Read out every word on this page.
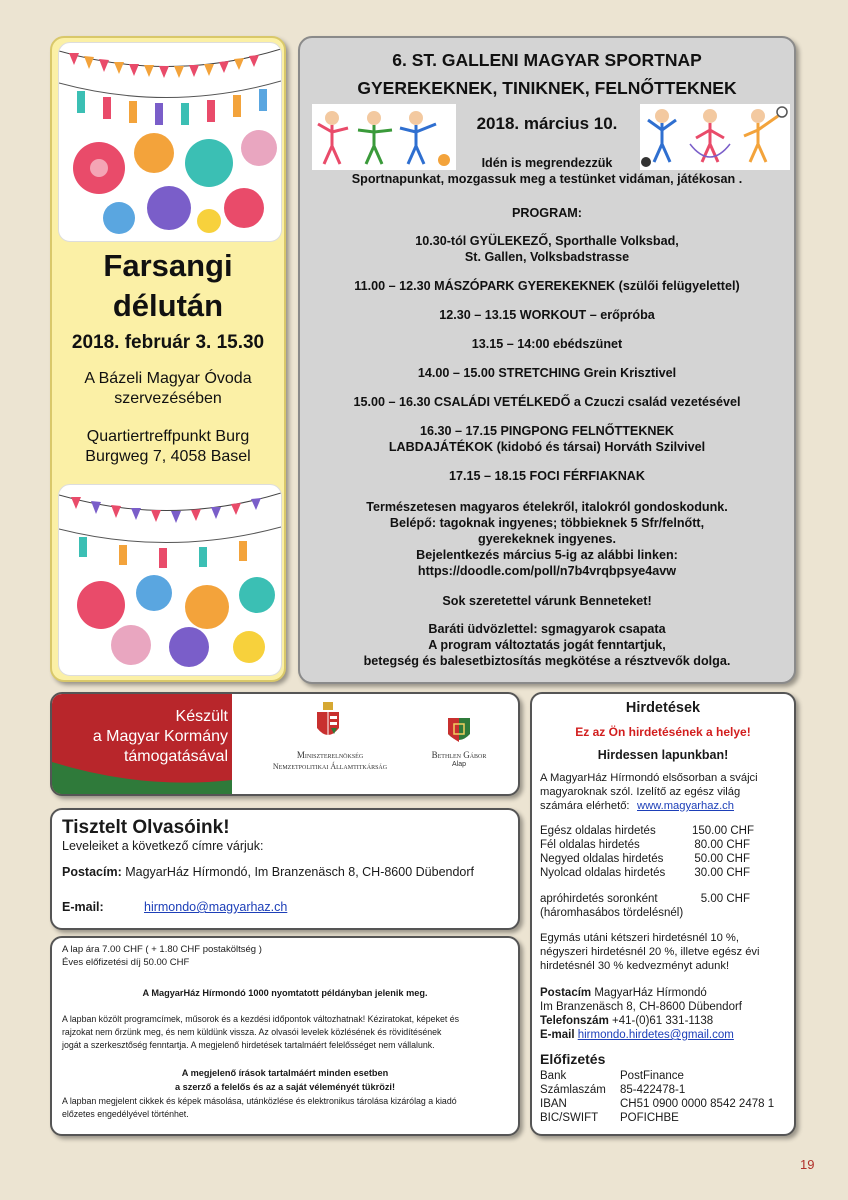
Farsangi
délután
2018. február 3. 15.30
A Bázeli Magyar Óvoda
szervezésében
Quartiertreffpunkt Burg
Burgweg 7, 4058 Basel
6. ST. GALLENI MAGYAR SPORTNAP
GYEREKEKNEK, TINIKNEK, FELNŐTTEKNEK
2018. március 10.
Idén is megrendezzük
Sportnapunkat, mozgassuk meg a testünket vidáman, játékosan .
PROGRAM:
10.30-tól GYÜLEKEZŐ, Sporthalle Volksbad,
St. Gallen, Volksbadstrasse
11.00 – 12.30 MÁSZÓPARK GYEREKEKNEK (szülői felügyelettel)
12.30 – 13.15 WORKOUT – erőpróba
13.15 – 14:00 ebédszünet
14.00 – 15.00 STRETCHING Grein Krisztivel
15.00 – 16.30 CSALÁDI VETÉLKEDŐ a Czuczi család vezetésével
16.30 – 17.15 PINGPONG FELNŐTTEKNEK
LABDAJÁTÉKOK (kidobó és társai) Horváth Szilvivel
17.15 – 18.15 FOCI FÉRFIAKNAK
Természetesen magyaros ételekről, italokról gondoskodunk.
Belépő: tagoknak ingyenes; többieknek 5 Sfr/felnőtt,
gyerekeknek ingyenes.
Bejelentkezés március 5-ig az alábbi linken:
https://doodle.com/poll/n7b4vrqbpsye4avw
Sok szeretettel várunk Benneteket!
Baráti üdvözlettel: sgmagyarok csapata
A program változtatás jogát fenntartjuk,
betegség és balesetbiztosítás megkötése a résztvevők dolga.
Készült
a Magyar Kormány
támogatásával	Miniszterelnökség
Nemzetpolitikai Államtitkárság
Bethlen Gábor
Alap
Tisztelt Olvasóink!
Leveleiket a következő címre várjuk:
Postacím: MagyarHáz Hírmondó, Im Branzenäsch 8, CH-8600 Dübendorf
E-mail:	hirmondo@magyarhaz.ch
A lap ára 7.00 CHF ( + 1.80 CHF postaköltség )
Éves előfizetési díj 50.00 CHF
A MagyarHáz Hírmondó 1000 nyomtatott példányban jelenik meg.
A lapban közölt programcímek, műsorok és a kezdési időpontok változhatnak! Kéziratokat, képeket és
rajzokat nem őrzünk meg, és nem küldünk vissza. Az olvasói levelek közlésének és rövidítésének
jogát a szerkesztőség fenntartja. A megjelenő hirdetések tartalmáért felelősséget nem vállalunk.
A megjelenő írások tartalmáért minden esetben
a szerző a felelős és az a saját véleményét tükrözi!
A lapban megjelent cikkek és képek másolása, utánközlése és elektronikus tárolása kizárólag a kiadó
előzetes engedélyével történhet.
Hirdetések
Ez az Ön hirdetésének a helye!
Hirdessen lapunkban!
A MagyarHáz Hírmondó elsősorban a svájci
magyaroknak szól. Izelítő az egész világ
számára elérhető: www.magyarhaz.ch
Egész oldalas hirdetés	150.00 CHF
Fél oldalas hirdetés	80.00 CHF
Negyed oldalas hirdetés	50.00 CHF
Nyolcad oldalas hirdetés	30.00 CHF
apróhirdetés soronként	5.00 CHF
(háromhasábos tördelésnél)
Egymás utáni kétszeri hirdetésnél 10 %,
négyszeri hirdetésnél 20 %, illetve egész évi
hirdetésnél 30 % kedvezményt adunk!
Postacím MagyarHáz Hírmondó
Im Branzenäsch 8, CH-8600 Dübendorf
Telefonszám +41-(0)61 331-1138
E-mail hirmondo.hirdetes@gmail.com
Előfizetés
Bank	PostFinance
Számlaszám 85-422478-1
IBAN	CH51 0900 0000 8542 2478 1
BIC/SWIFT POFICHBE
19
